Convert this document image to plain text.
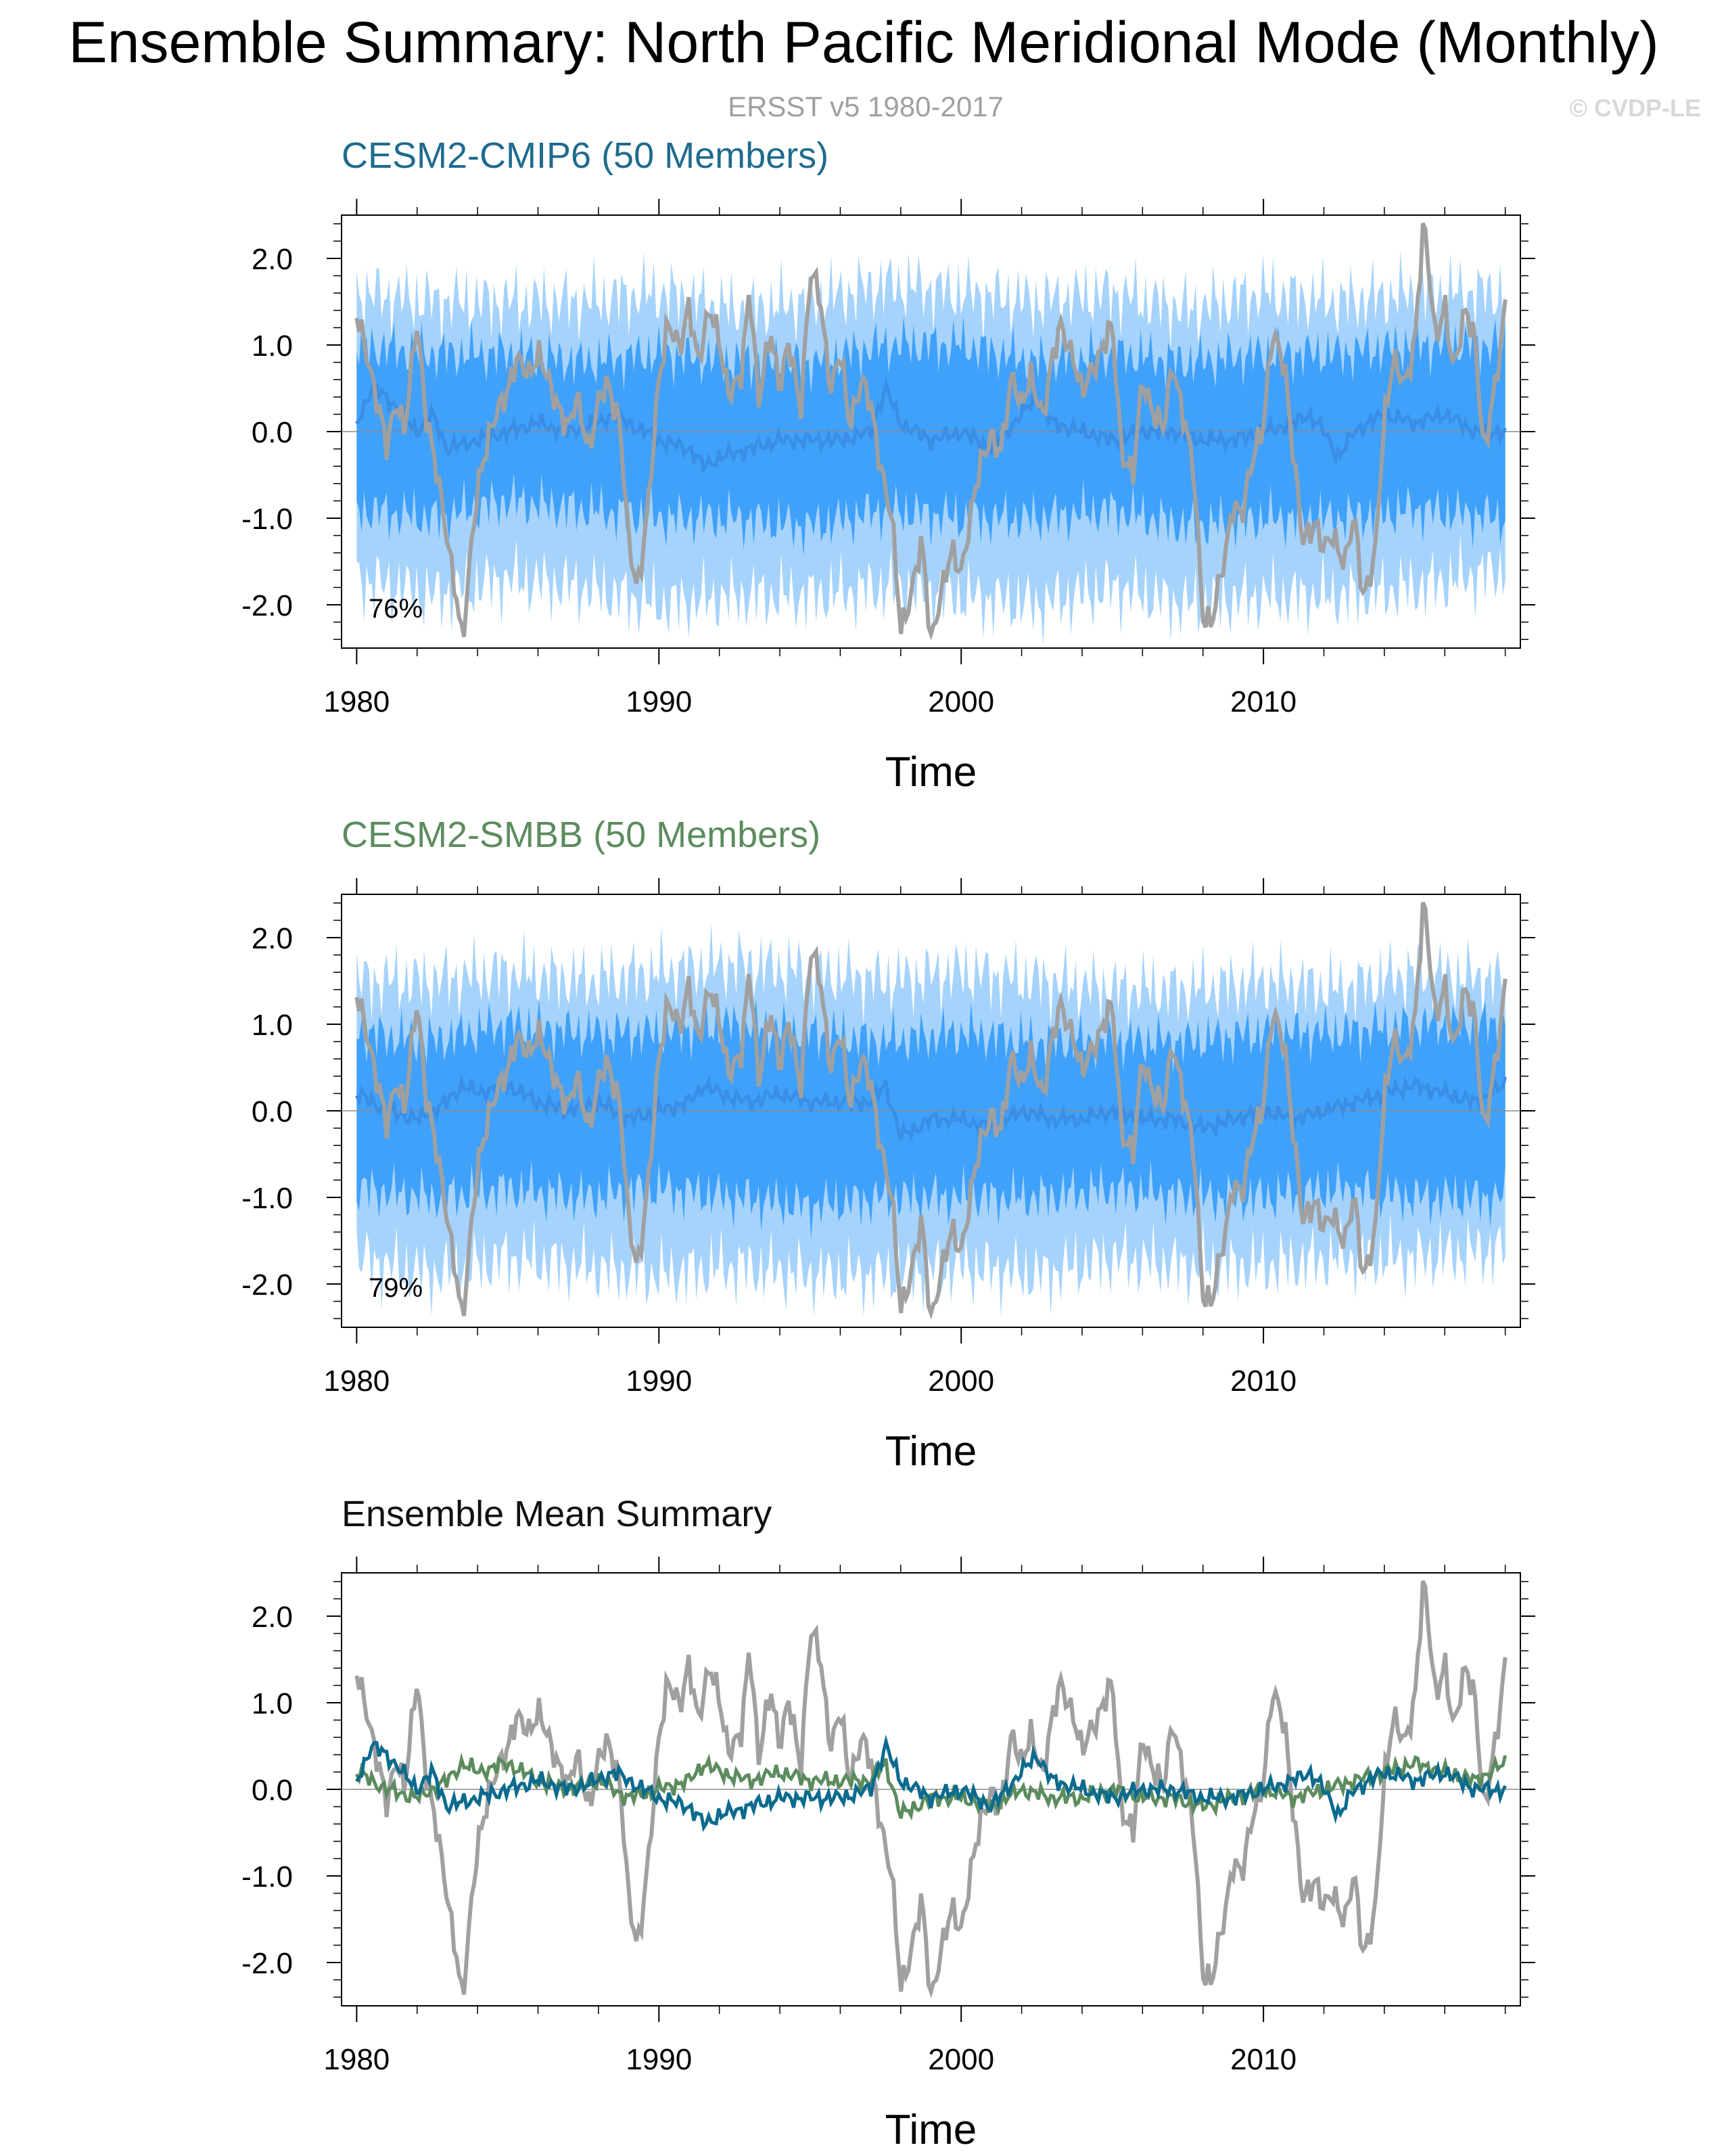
Ensemble Summary: North Pacific Meridional Mode (Monthly)
ERSST v5 1980-2017	© CVDP-LE
CESM2-CMIP6 (50 Members)
2.0
1.0
0.0
-1.0
-2.0
1980	1990	2000	2010
Time
76%
CESM2-SMBB (50 Members)
2.0
1.0
0.0
-1.0
-2.0
1980	1990	2000	2010
Time
79%
Ensemble Mean Summary
2.0
1.0
0.0
-1.0
-2.0
1980	1990	2000	2010
Time
